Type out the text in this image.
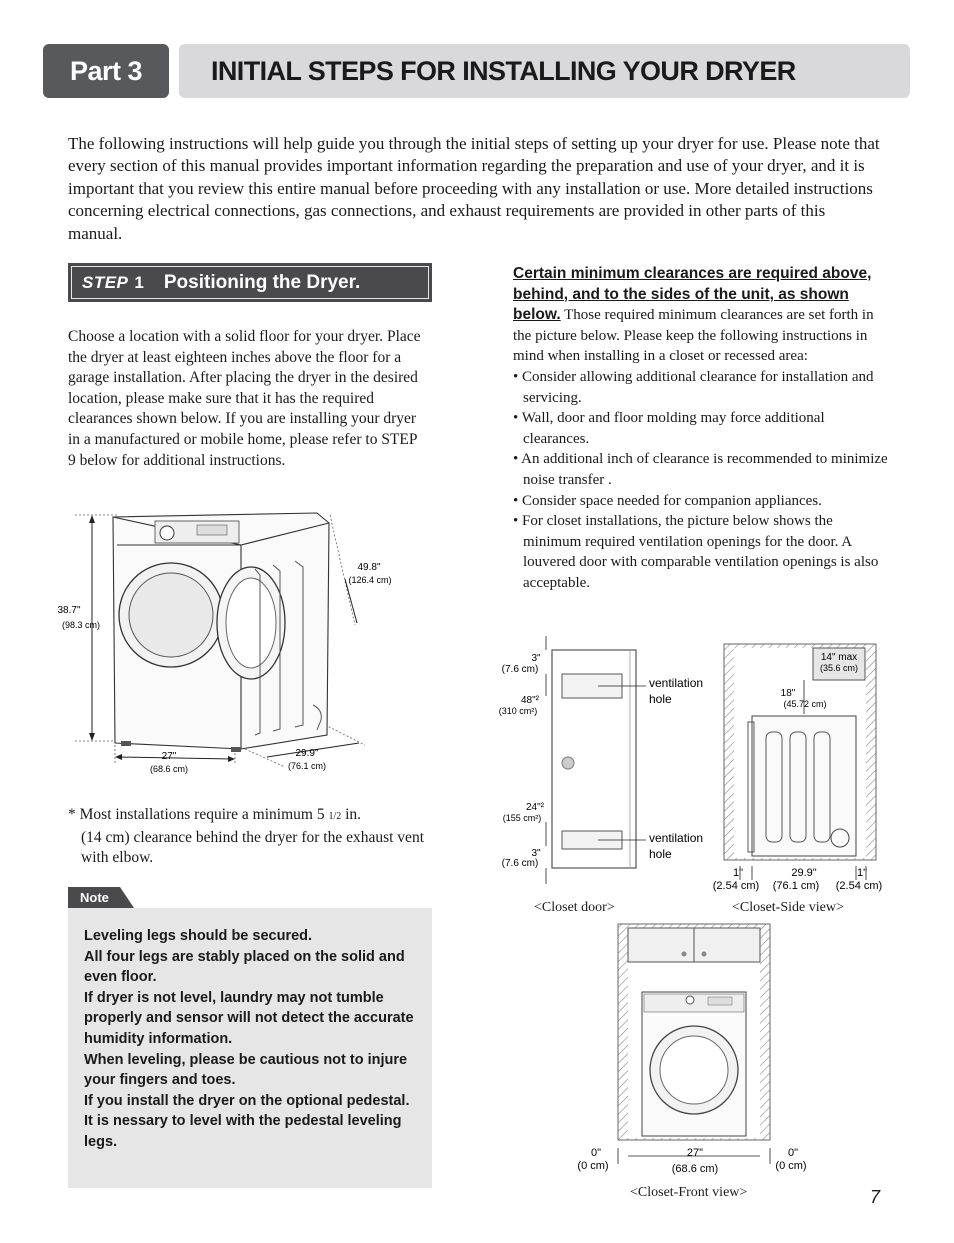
Part 3	INITIAL STEPS FOR INSTALLING YOUR DRYER
The following instructions will help guide you through the initial steps of setting up your dryer for use. Please note that every section of this manual provides important information regarding the preparation and use of your dryer, and it is important that you review this entire manual before proceeding with any installation or use. More detailed instructions concerning electrical connections, gas connections, and exhaust requirements are provided in other parts of this manual.
STEP 1 Positioning the Dryer.
Choose a location with a solid floor for your dryer. Place the dryer at least eighteen inches above the floor for a garage installation. After placing the dryer in the desired location, please make sure that it has the required clearances shown below. If you are installing your dryer in a manufactured or mobile home, please refer to STEP 9 below for additional instructions.
38.7"
(98.3 cm)
49.8"
(126.4 cm)
27"
(68.6 cm)
29.9"
(76.1 cm)
* Most installations require a minimum 5 1/2 in.
(14 cm) clearance behind the dryer for the exhaust vent with elbow.
Note
Leveling legs should be secured.
All four legs are stably placed on the solid and even floor.
If dryer is not level, laundry may not tumble properly and sensor will not detect the accurate humidity information.
When leveling, please be cautious not to injure your fingers and toes.
If you install the dryer on the optional pedestal. It is nessary to level with the pedestal leveling legs.
Certain minimum clearances are required above, behind, and to the sides of the unit, as shown below. Those required minimum clearances are set forth in the picture below. Please keep the following instructions in mind when installing in a closet or recessed area:
• Consider allowing additional clearance for installation and servicing.
• Wall, door and floor molding may force additional clearances.
• An additional inch of clearance is recommended to minimize noise transfer .
• Consider space needed for companion appliances.
• For closet installations, the picture below shows the minimum required ventilation openings for the door. A louvered door with comparable ventilation openings is also acceptable.
3"
(7.6 cm)
48"²
(310 cm²)
24"²
(155 cm²)
3"
(7.6 cm)
ventilation
hole
ventilation
hole
14" max
(35.6 cm)
18"
(45.72 cm)
1"
(2.54 cm)
29.9"
(76.1 cm)
1"
(2.54 cm)
<Closet door>	<Closet-Side view>
0"
(0 cm)
27"
(68.6 cm)
0"
(0 cm)
<Closet-Front view>	7
